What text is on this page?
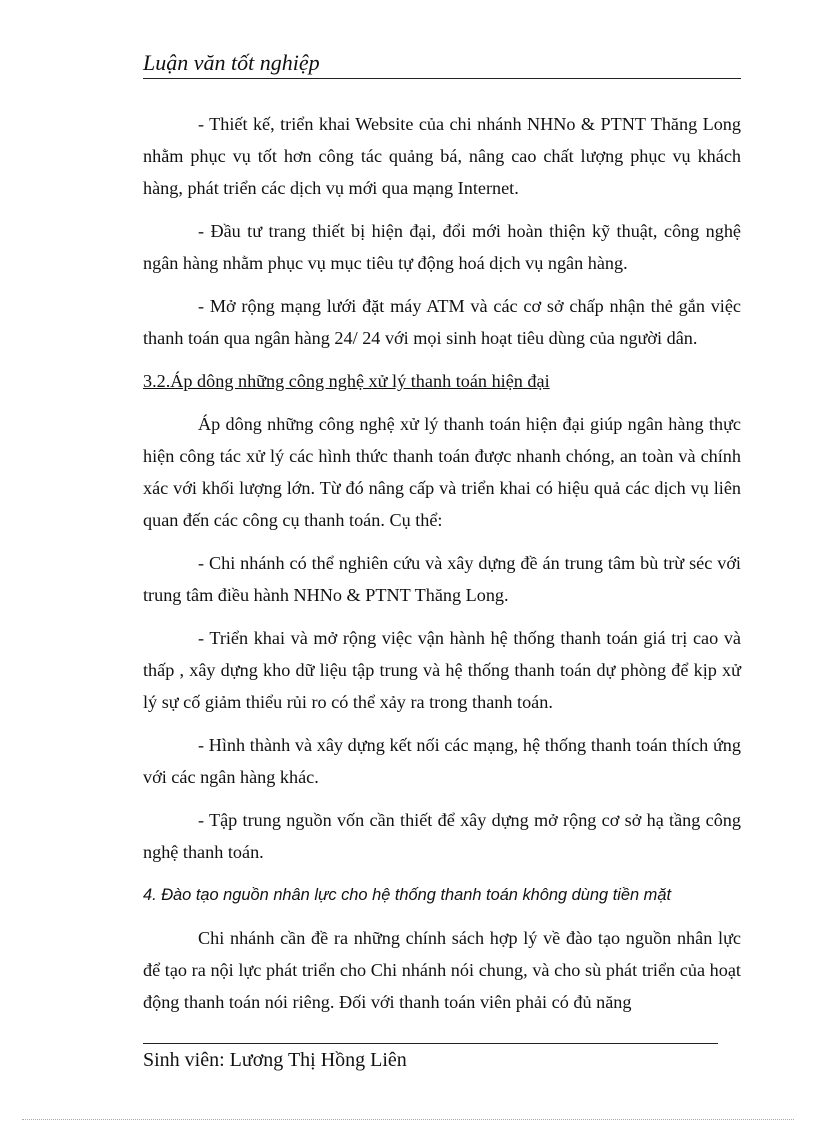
Luận văn tốt nghiệp

- Thiết kế, triển khai Website của chi nhánh NHNo & PTNT Thăng Long nhằm phục vụ tốt hơn công tác quảng bá, nâng cao chất lượng phục vụ khách hàng, phát triển các dịch vụ mới qua mạng Internet.

- Đầu tư trang thiết bị hiện đại, đổi mới hoàn thiện kỹ thuật, công nghệ ngân hàng nhằm phục vụ mục tiêu tự động hoá dịch vụ ngân hàng.

- Mở rộng mạng lưới đặt máy ATM và các cơ sở chấp nhận thẻ gắn việc thanh toán qua ngân hàng 24/ 24 với mọi sinh hoạt tiêu dùng của người dân.

3.2.Áp dông những công nghệ xử lý thanh toán hiện đại

Áp dông những công nghệ xử lý thanh toán hiện đại giúp ngân hàng thực hiện công tác xử lý các hình thức thanh toán được nhanh chóng, an toàn và chính xác với khối lượng lớn. Từ đó nâng cấp và triển khai có hiệu quả các dịch vụ liên quan đến các công cụ thanh toán. Cụ thể:

- Chi nhánh có thể nghiên cứu và xây dựng đề án trung tâm bù trừ séc với trung tâm điều hành NHNo & PTNT Thăng Long.

- Triển khai và mở rộng việc vận hành hệ thống thanh toán giá trị cao và thấp , xây dựng kho dữ liệu tập trung và hệ thống thanh toán dự phòng để kịp xử lý sự cố giảm thiểu rủi ro có thể xảy ra trong thanh toán.

- Hình thành và xây dựng kết nối các mạng, hệ thống thanh toán thích ứng với các ngân hàng khác.

- Tập trung nguồn vốn cần thiết để xây dựng mở rộng cơ sở hạ tầng công nghệ thanh toán.

4. Đào tạo nguồn nhân lực cho hệ thống thanh toán không dùng tiền mặt

Chi nhánh cần đề ra những chính sách hợp lý về đào tạo nguồn nhân lực để tạo ra nội lực phát triển cho Chi nhánh nói chung, và cho sù phát triển của hoạt động thanh toán nói riêng. Đối với thanh toán viên phải có đủ năng

Sinh viên: Lương Thị Hồng Liên
